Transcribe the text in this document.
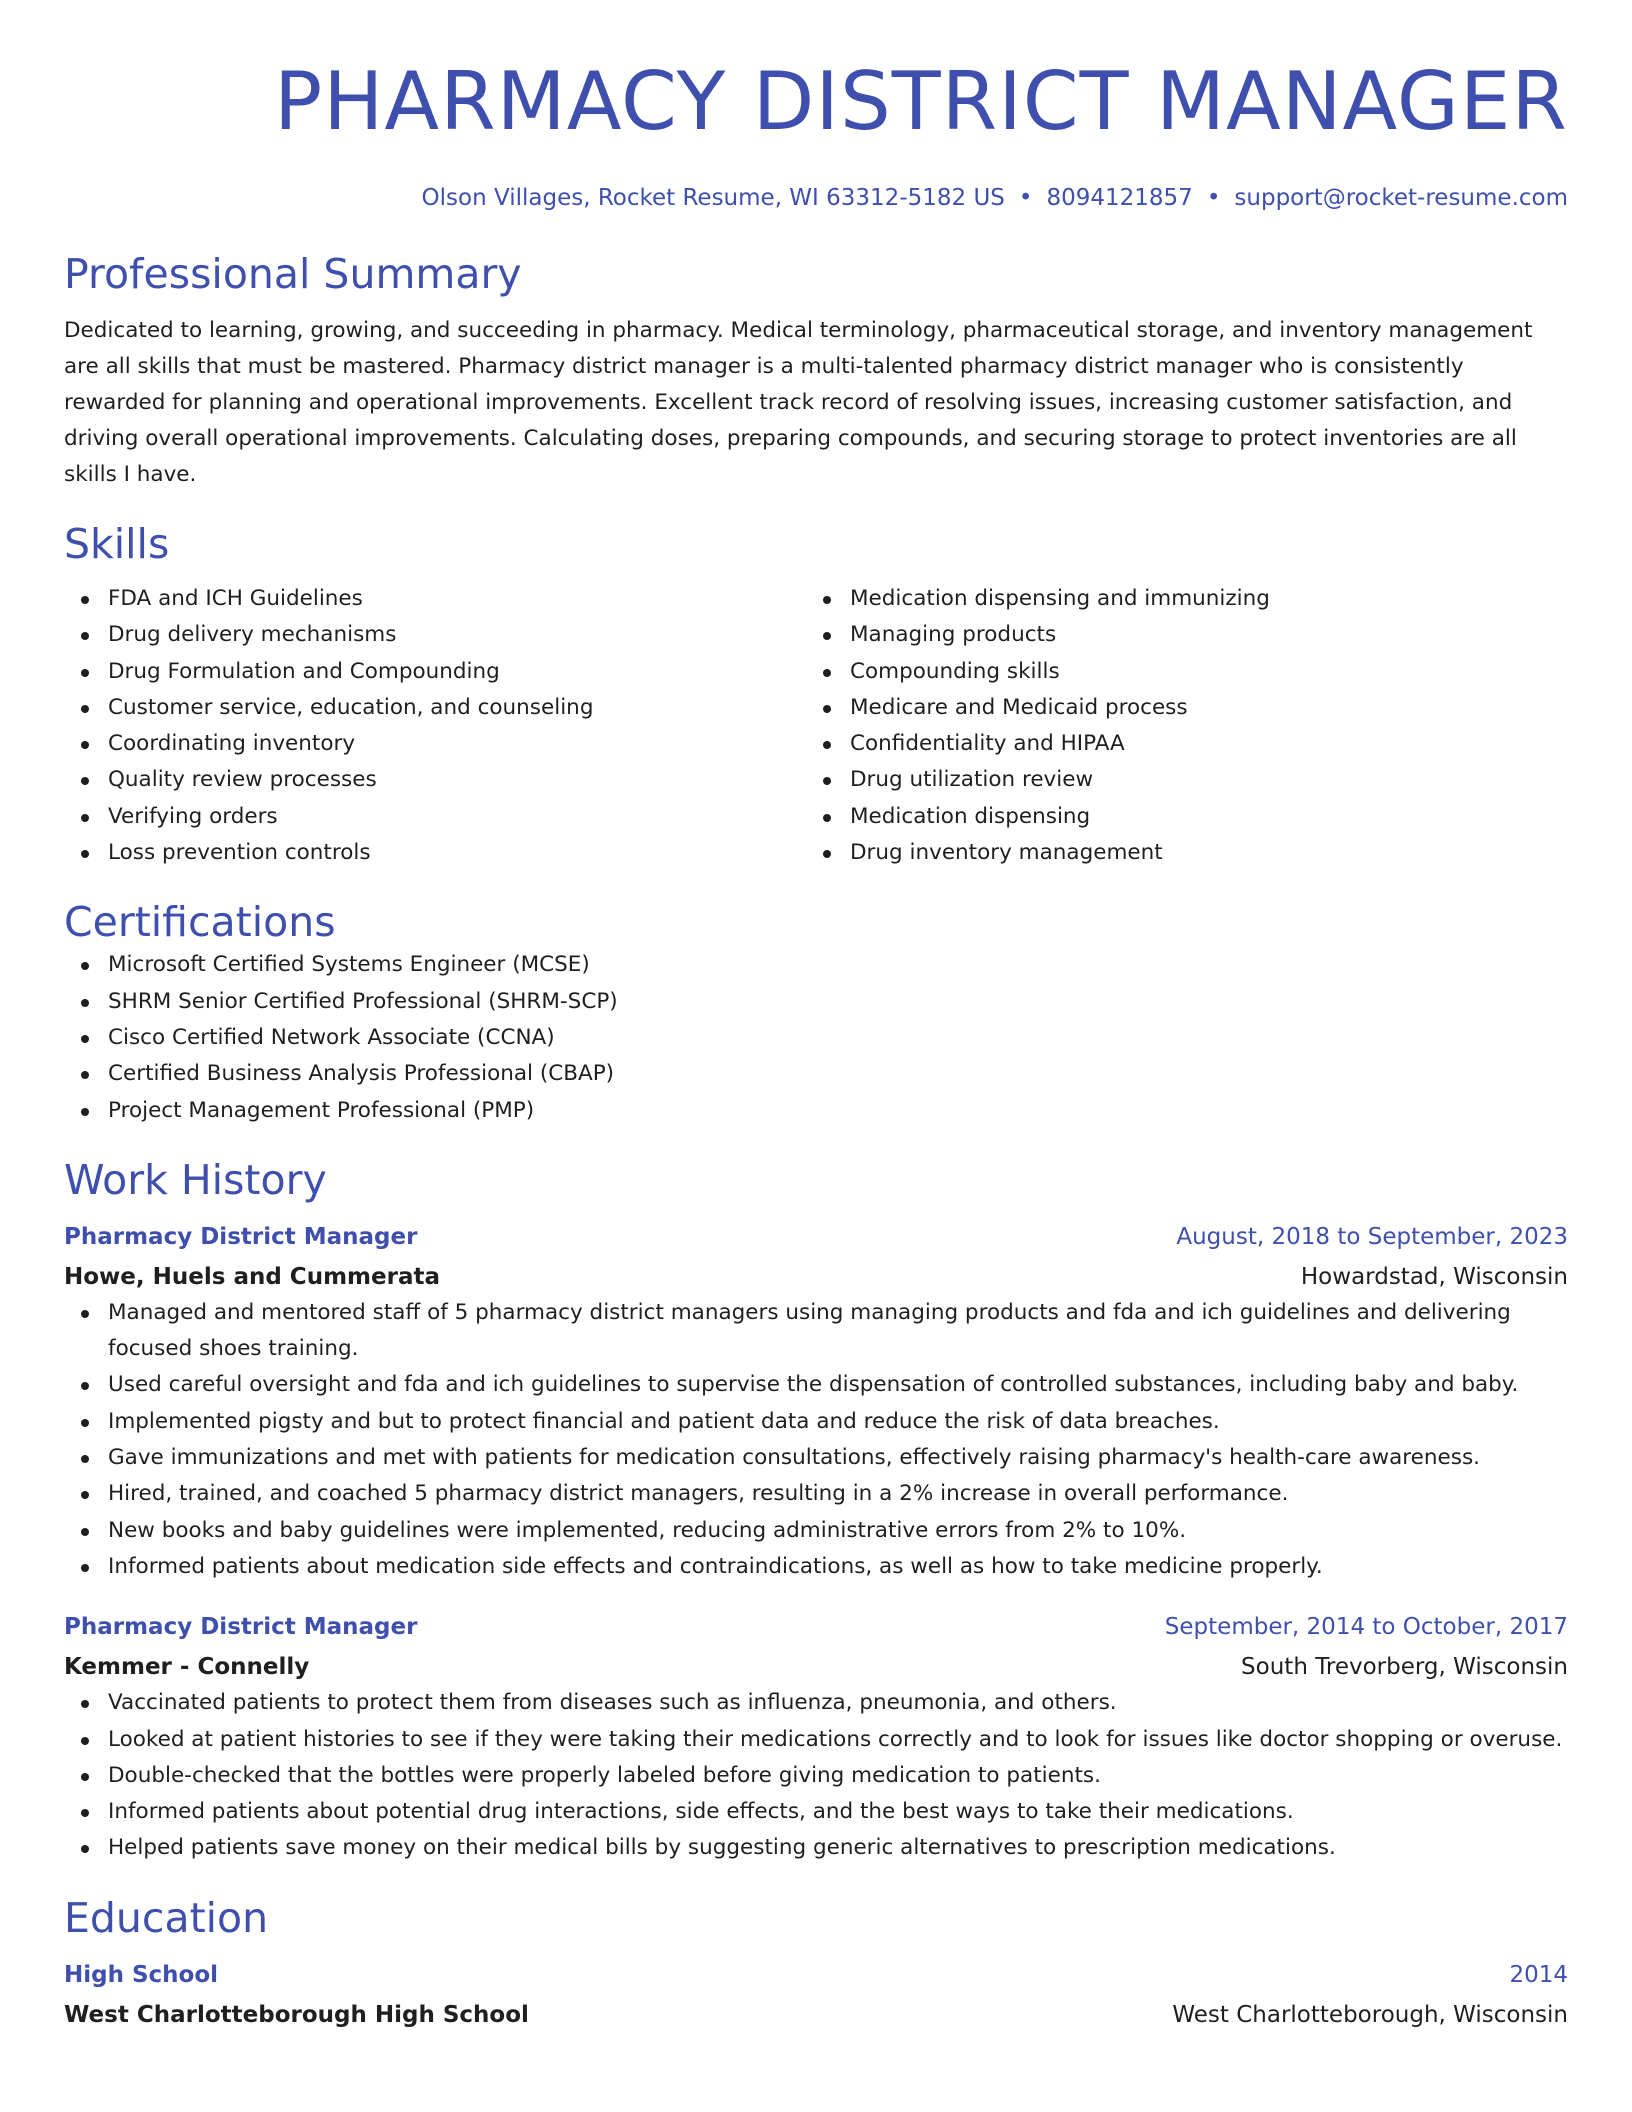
PHARMACY DISTRICT MANAGER
Olson Villages, Rocket Resume, WI 63312-5182 US • 8094121857 • support@rocket-resume.com
Professional Summary
Dedicated to learning, growing, and succeeding in pharmacy. Medical terminology, pharmaceutical storage, and inventory management are all skills that must be mastered. Pharmacy district manager is a multi-talented pharmacy district manager who is consistently rewarded for planning and operational improvements. Excellent track record of resolving issues, increasing customer satisfaction, and driving overall operational improvements. Calculating doses, preparing compounds, and securing storage to protect inventories are all skills I have.
Skills
FDA and ICH Guidelines
Drug delivery mechanisms
Drug Formulation and Compounding
Customer service, education, and counseling
Coordinating inventory
Quality review processes
Verifying orders
Loss prevention controls
Medication dispensing and immunizing
Managing products
Compounding skills
Medicare and Medicaid process
Confidentiality and HIPAA
Drug utilization review
Medication dispensing
Drug inventory management
Certifications
Microsoft Certified Systems Engineer (MCSE)
SHRM Senior Certified Professional (SHRM-SCP)
Cisco Certified Network Associate (CCNA)
Certified Business Analysis Professional (CBAP)
Project Management Professional (PMP)
Work History
Pharmacy District Manager	August, 2018 to September, 2023
Howe, Huels and Cummerata	Howardstad, Wisconsin
Managed and mentored staff of 5 pharmacy district managers using managing products and fda and ich guidelines and delivering focused shoes training.
Used careful oversight and fda and ich guidelines to supervise the dispensation of controlled substances, including baby and baby.
Implemented pigsty and but to protect financial and patient data and reduce the risk of data breaches.
Gave immunizations and met with patients for medication consultations, effectively raising pharmacy's health-care awareness.
Hired, trained, and coached 5 pharmacy district managers, resulting in a 2% increase in overall performance.
New books and baby guidelines were implemented, reducing administrative errors from 2% to 10%.
Informed patients about medication side effects and contraindications, as well as how to take medicine properly.
Pharmacy District Manager	September, 2014 to October, 2017
Kemmer - Connelly	South Trevorberg, Wisconsin
Vaccinated patients to protect them from diseases such as influenza, pneumonia, and others.
Looked at patient histories to see if they were taking their medications correctly and to look for issues like doctor shopping or overuse.
Double-checked that the bottles were properly labeled before giving medication to patients.
Informed patients about potential drug interactions, side effects, and the best ways to take their medications.
Helped patients save money on their medical bills by suggesting generic alternatives to prescription medications.
Education
High School	2014
West Charlotteborough High School	West Charlotteborough, Wisconsin
